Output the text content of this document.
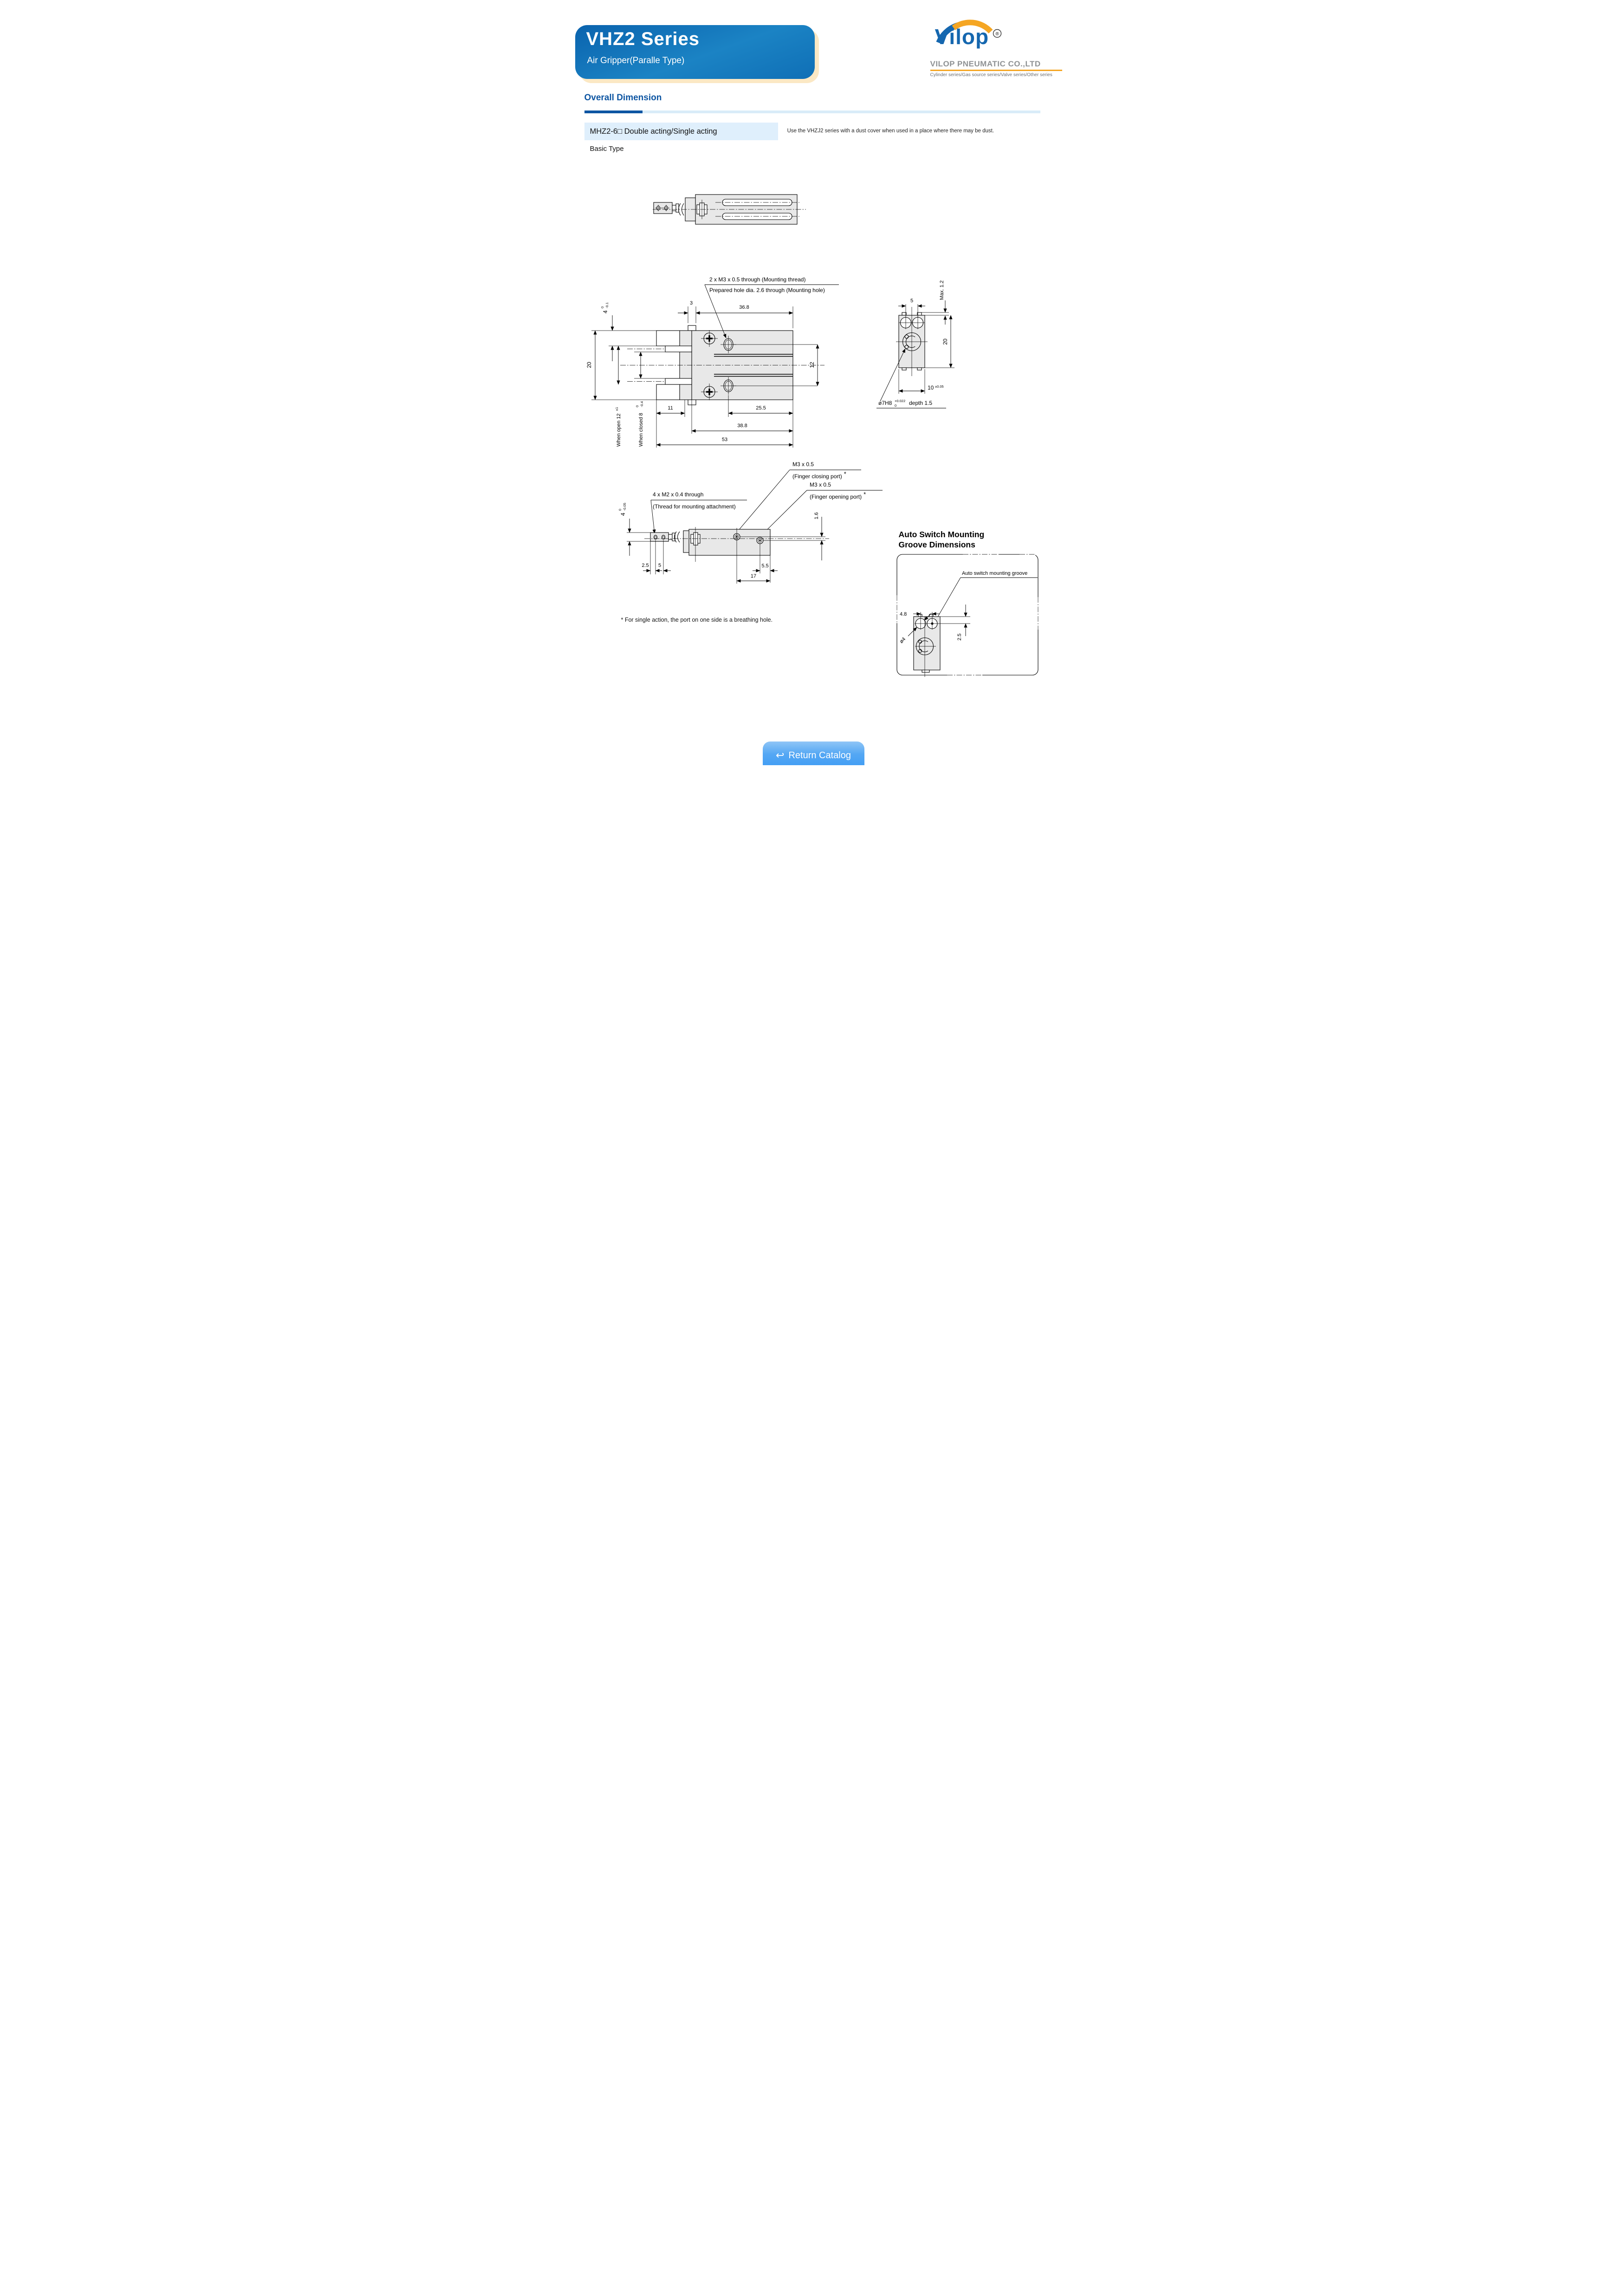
VHZ2 Series
Air Gripper(Paralle Type)
®
Vilop
VILOP PNEUMATIC CO.,LTD
Cylinder series/Gas source series/Valve series/Other series
Overall Dimension
MHZ2-6□ Double acting/Single acting	Use the VHZJ2 series with a dust cover when used in a place where there may be dust.
Basic Type
2 x M3 x 0.5 through (Mounting thread)
Prepared hole dia. 2.6 through (Mounting hole)
3
36.8
20
4
0 -0.1
When open 12
±1
When closed 8
0 -0.4
12
11	25.5
38.8
53
5
Max. 1.2
20
10 ±0.05
ø7H8 +0.022
0 depth 1.5
M3 x 0.5
(Finger closing port) *
M3 x 0.5
(Finger opening port) *
4 x M2 x 0.4 through
(Thread for mounting attachment)
1.6
5.5
17
2.5 5
4
0 -0.05
* For single action, the port on one side is a breathing hole.
Auto Switch Mounting
Groove Dimensions
Auto switch mounting groove
4.8
ø4	2.5
↩ Return Catalog
